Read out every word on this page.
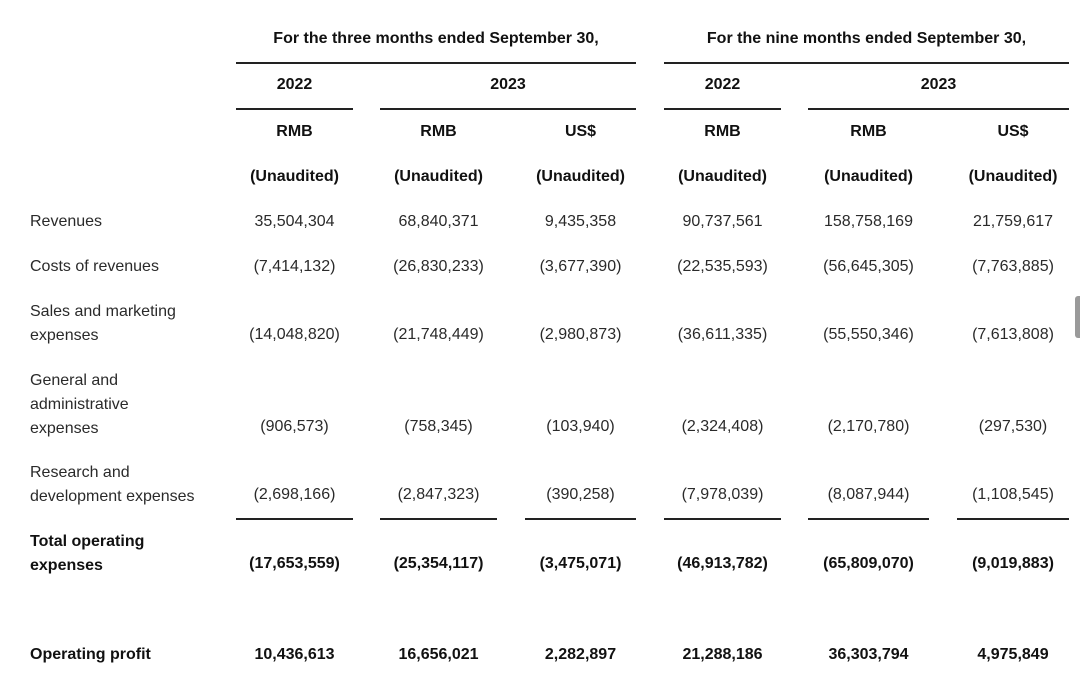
For the three months ended September 30,	For the nine months ended September 30,
2022	2023	2022	2023
RMB	RMB	US$	RMB	RMB	US$
(Unaudited)	(Unaudited)	(Unaudited)	(Unaudited)	(Unaudited)	(Unaudited)
Revenues	35,504,304	68,840,371	9,435,358	90,737,561	158,758,169	21,759,617
Costs of revenues	(7,414,132)	(26,830,233)	(3,677,390)	(22,535,593)	(56,645,305)	(7,763,885)
Sales and marketing expenses	(14,048,820)	(21,748,449)	(2,980,873)	(36,611,335)	(55,550,346)	(7,613,808)
General and administrative expenses	(906,573)	(758,345)	(103,940)	(2,324,408)	(2,170,780)	(297,530)
Research and development expenses	(2,698,166)	(2,847,323)	(390,258)	(7,978,039)	(8,087,944)	(1,108,545)
Total operating expenses	(17,653,559)	(25,354,117)	(3,475,071)	(46,913,782)	(65,809,070)	(9,019,883)
Operating profit	10,436,613	16,656,021	2,282,897	21,288,186	36,303,794	4,975,849
